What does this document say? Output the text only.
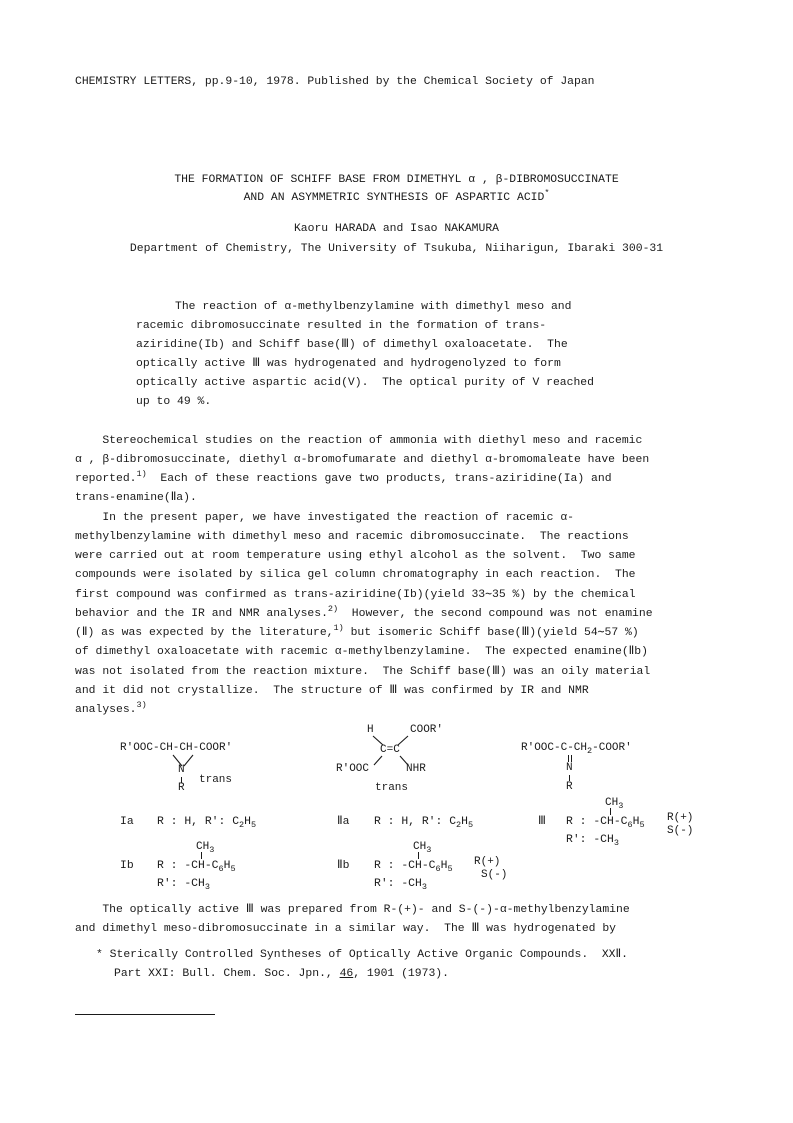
CHEMISTRY LETTERS, pp.9-10, 1978. Published by the Chemical Society of Japan
THE FORMATION OF SCHIFF BASE FROM DIMETHYL α , β-DIBROMOSUCCINATE
AND AN ASYMMETRIC SYNTHESIS OF ASPARTIC ACID*
Kaoru HARADA and Isao NAKAMURA
Department of Chemistry, The University of Tsukuba, Niiharigun, Ibaraki 300-31
The reaction of α-methylbenzylamine with dimethyl meso and
racemic dibromosuccinate resulted in the formation of trans-
aziridine(Ib) and Schiff base(Ⅲ) of dimethyl oxaloacetate.  The
optically active Ⅲ was hydrogenated and hydrogenolyzed to form
optically active aspartic acid(V).  The optical purity of V reached
up to 49 %.
Stereochemical studies on the reaction of ammonia with diethyl meso and racemic
α , β-dibromosuccinate, diethyl α-bromofumarate and diethyl α-bromomaleate have been
reported.$^{1)}$  Each of these reactions gave two products, trans-aziridine(Ia) and
trans-enamine(Ⅱa).
In the present paper, we have investigated the reaction of racemic α-
methylbenzylamine with dimethyl meso and racemic dibromosuccinate.  The reactions
were carried out at room temperature using ethyl alcohol as the solvent.  Two same
compounds were isolated by silica gel column chromatography in each reaction.  The
first compound was confirmed as trans-aziridine(Ib)(yield 33∼35 %) by the chemical
behavior and the IR and NMR analyses.$^{2)}$  However, the second compound was not enamine
(Ⅱ) as was expected by the literature,$^{1)}$ but isomeric Schiff base(Ⅲ)(yield 54∼57 %)
of dimethyl oxaloacetate with racemic α-methylbenzylamine.  The expected enamine(Ⅱb)
was not isolated from the reaction mixture.  The Schiff base(Ⅲ) was an oily material
and it did not crystallize.  The structure of Ⅲ was confirmed by IR and NMR
analyses.$^{3)}$
R'OOC-CH-CH-COOR'
N
R
trans
Ia R : H, R': $C_2H_5$
$CH_3$
Ib R : $-CH-C_6H_5$
R': $-CH_3$
H	COOR'
C=C
R'OOC	NHR
trans
Ⅱa R : H, R': $C_2H_5$
$CH_3$
Ⅱb R : $-CH-C_6H_5$
R(+)
S(-)
R': $-CH_3$
$R'OOC-C-CH_2-COOR'$
N
R
$CH_3$
Ⅲ R : $-CH-C_6H_5$
R(+)
S(-)
R': $-CH_3$
The optically active Ⅲ was prepared from R-(+)- and S-(-)-α-methylbenzylamine
and dimethyl meso-dibromosuccinate in a similar way.  The Ⅲ was hydrogenated by
* Sterically Controlled Syntheses of Optically Active Organic Compounds.  XXⅡ.
Part XXI: Bull. Chem. Soc. Jpn., 46, 1901 (1973).
